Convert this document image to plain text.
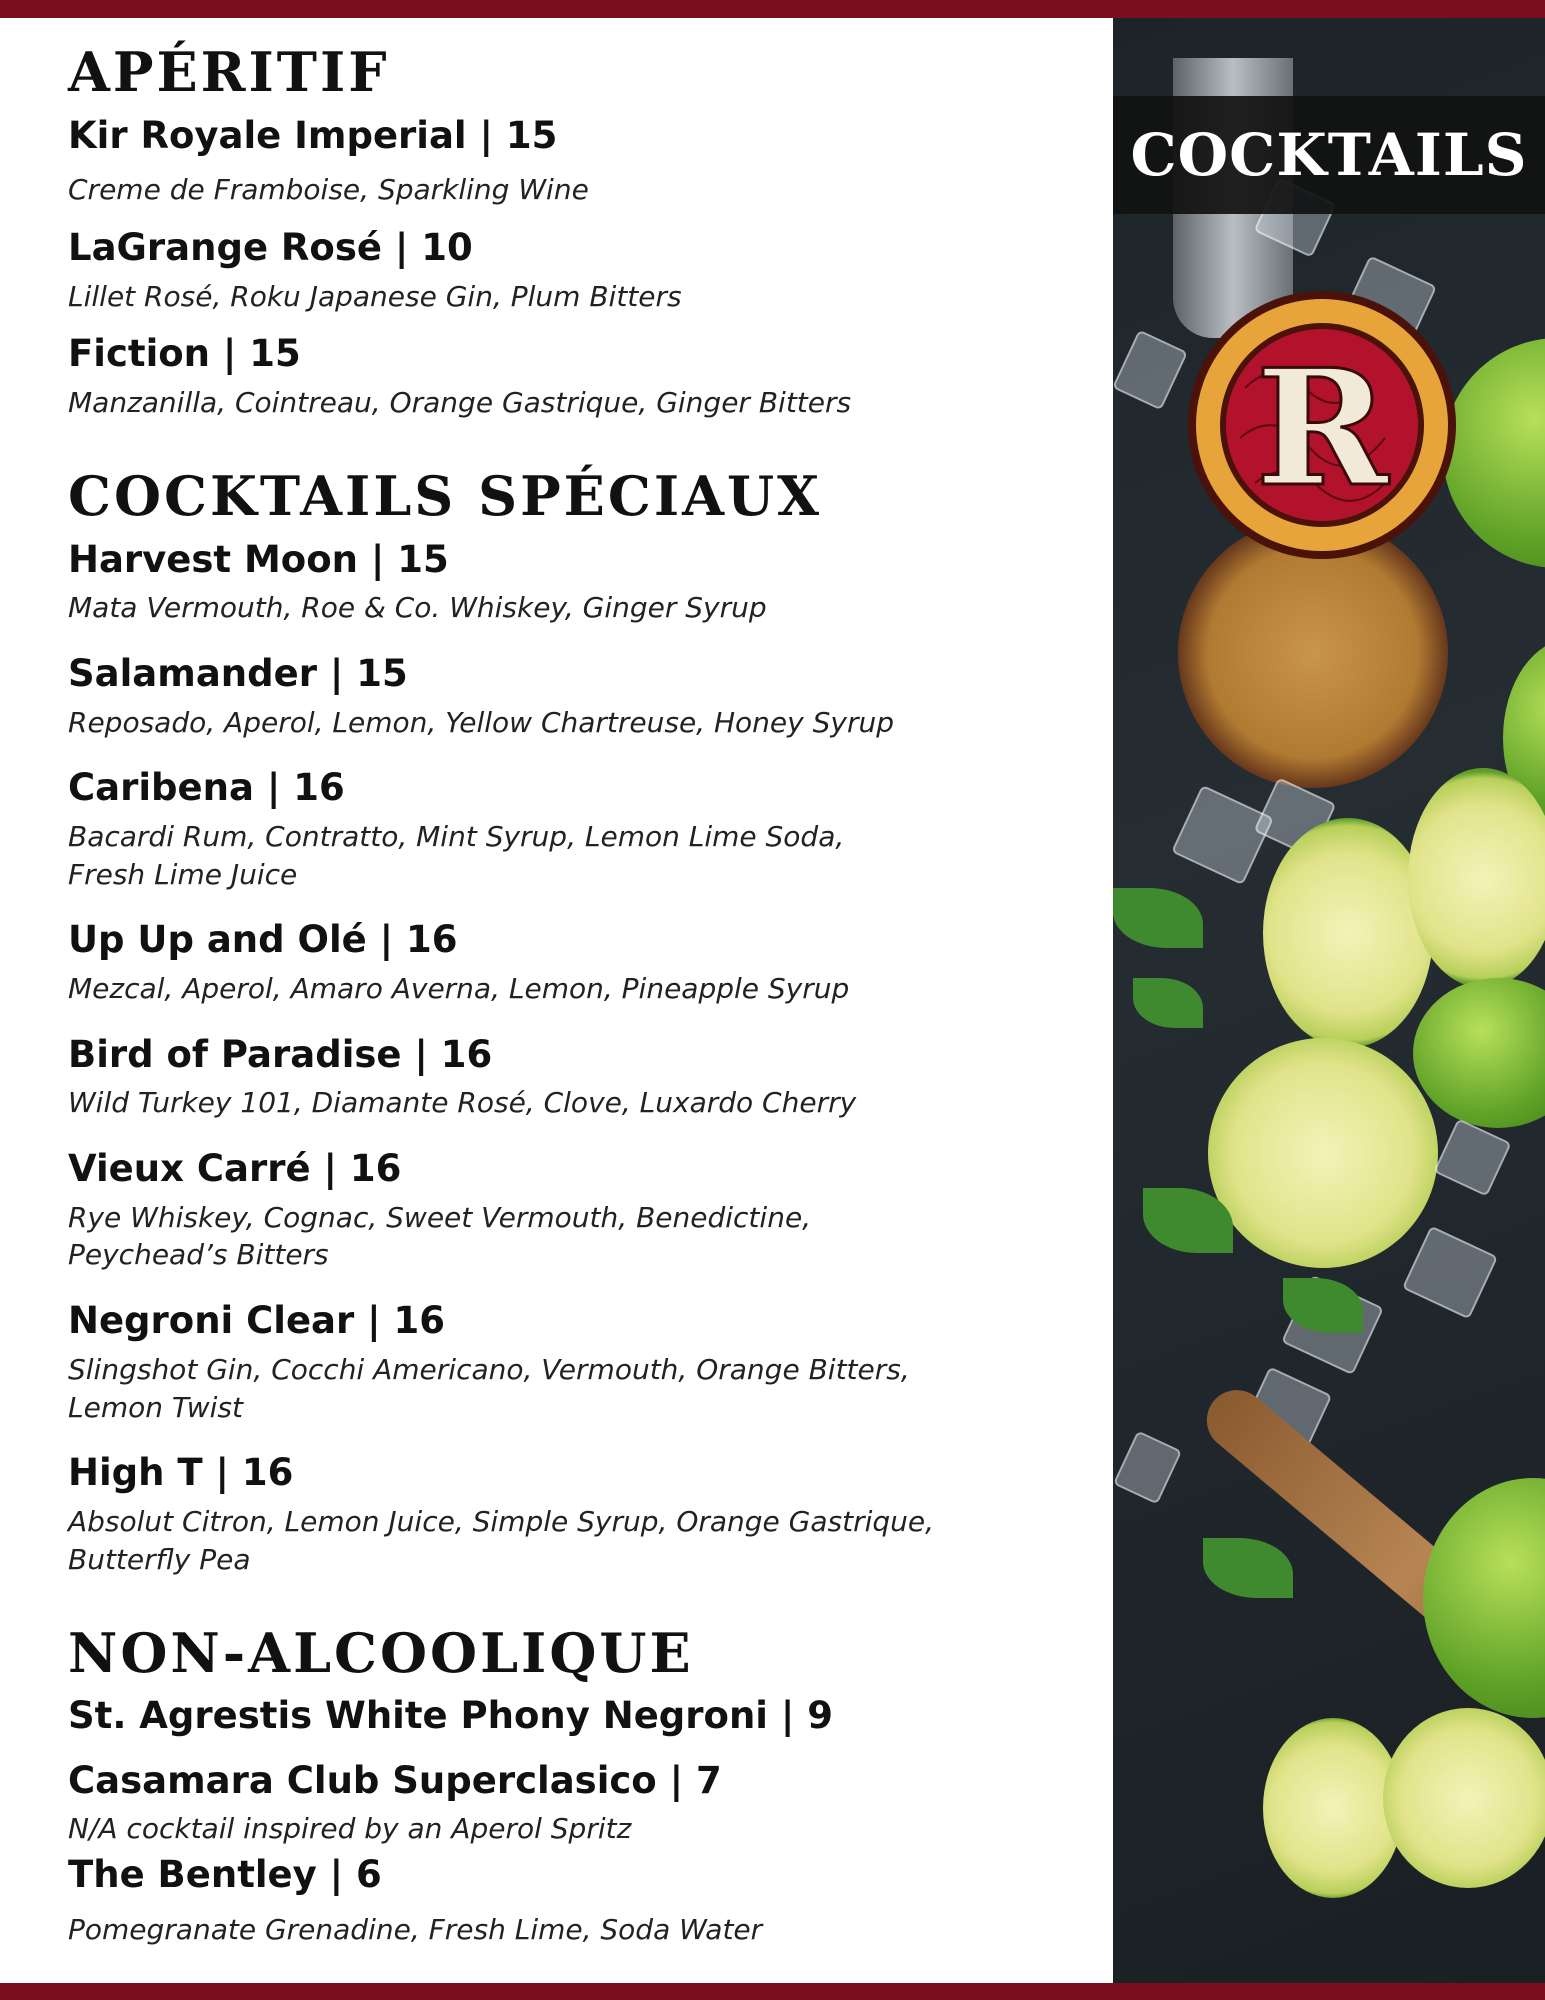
APÉRITIF
Kir Royale Imperial | 15
Creme de Framboise, Sparkling Wine
LaGrange Rosé | 10
Lillet Rosé, Roku Japanese Gin, Plum Bitters
Fiction | 15
Manzanilla, Cointreau, Orange Gastrique, Ginger Bitters
COCKTAILS SPÉCIAUX
Harvest Moon | 15
Mata Vermouth, Roe & Co. Whiskey, Ginger Syrup
Salamander | 15
Reposado, Aperol, Lemon, Yellow Chartreuse, Honey Syrup
Caribena | 16
Bacardi Rum, Contratto, Mint Syrup, Lemon Lime Soda,
Fresh Lime Juice
Up Up and Olé | 16
Mezcal, Aperol, Amaro Averna, Lemon, Pineapple Syrup
Bird of Paradise | 16
Wild Turkey 101, Diamante Rosé, Clove, Luxardo Cherry
Vieux Carré | 16
Rye Whiskey, Cognac, Sweet Vermouth, Benedictine,
Peychead’s Bitters
Negroni Clear | 16
Slingshot Gin, Cocchi Americano, Vermouth, Orange Bitters,
Lemon Twist
High T | 16
Absolut Citron, Lemon Juice, Simple Syrup, Orange Gastrique,
Butterfly Pea
NON-ALCOOLIQUE
St. Agrestis White Phony Negroni | 9
Casamara Club Superclasico | 7
N/A cocktail inspired by an Aperol Spritz
The Bentley | 6
Pomegranate Grenadine, Fresh Lime, Soda Water
COCKTAILS
R
